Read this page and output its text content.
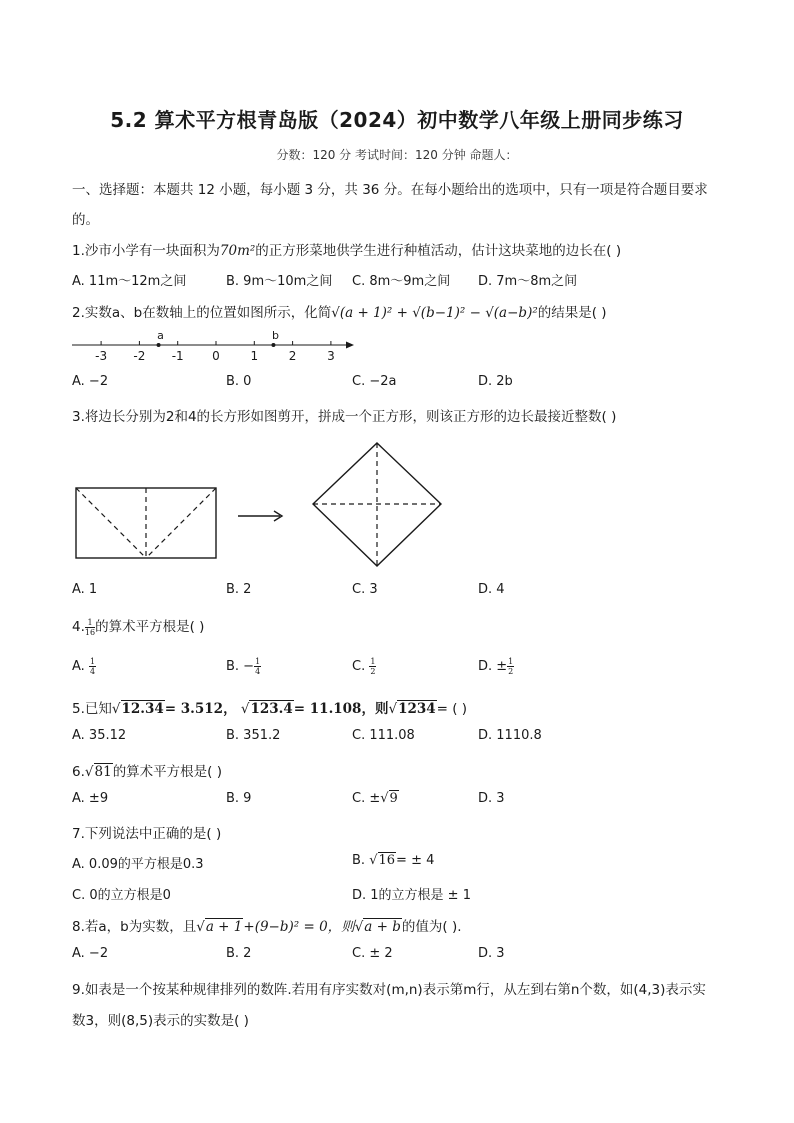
5.2 算术平方根青岛版（2024）初中数学八年级上册同步练习
分数：120 分 考试时间：120 分钟 命题人：
一、选择题：本题共 12 小题，每小题 3 分，共 36 分。在每小题给出的选项中，只有一项是符合题目要求
的。
1.沙市小学有一块面积为70m²的正方形菜地供学生进行种植活动，估计这块菜地的边长在( )
A. 11m～12m之间	B. 9m～10m之间 C. 8m～9m之间 D. 7m～8m之间
2.实数a、b在数轴上的位置如图所示，化简√(a + 1)² + √(b−1)² − √(a−b)²的结果是( )
-3 -2 -1 0	1	2	3
a	b
A. −2	B. 0	C. −2a	D. 2b
3.将边长分别为2和4的长方形如图剪开，拼成一个正方形，则该正方形的边长最接近整数( )
A. 1	B. 2	C. 3	D. 4
4. $\frac{1}{16}$ 的算术平方根是( )
A. $\frac{1}{4}$	B. − $\frac{1}{4}$	C. $\frac{1}{2}$	D. ± $\frac{1}{2}$
5.已知√12.34= 3.512， √123.4= 11.108，则√1234= ( )
A. 35.12	B. 351.2	C. 111.08	D. 1110.8
6.√81的算术平方根是( )
A. ±9	B. 9	C. ±√9	D. 3
7.下列说法中正确的是( )
A. 0.09的平方根是0.3	B. √16= ± 4
C. 0的立方根是0	D. 1的立方根是 ± 1
8.若a，b为实数，且√a + 1+(9−b)² = 0，则√a + b的值为( ).
A. −2	B. 2	C. ± 2	D. 3
9.如表是一个按某种规律排列的数阵.若用有序实数对(m,n)表示第m行，从左到右第n个数，如(4,3)表示实
数3，则(8,5)表示的实数是( )
